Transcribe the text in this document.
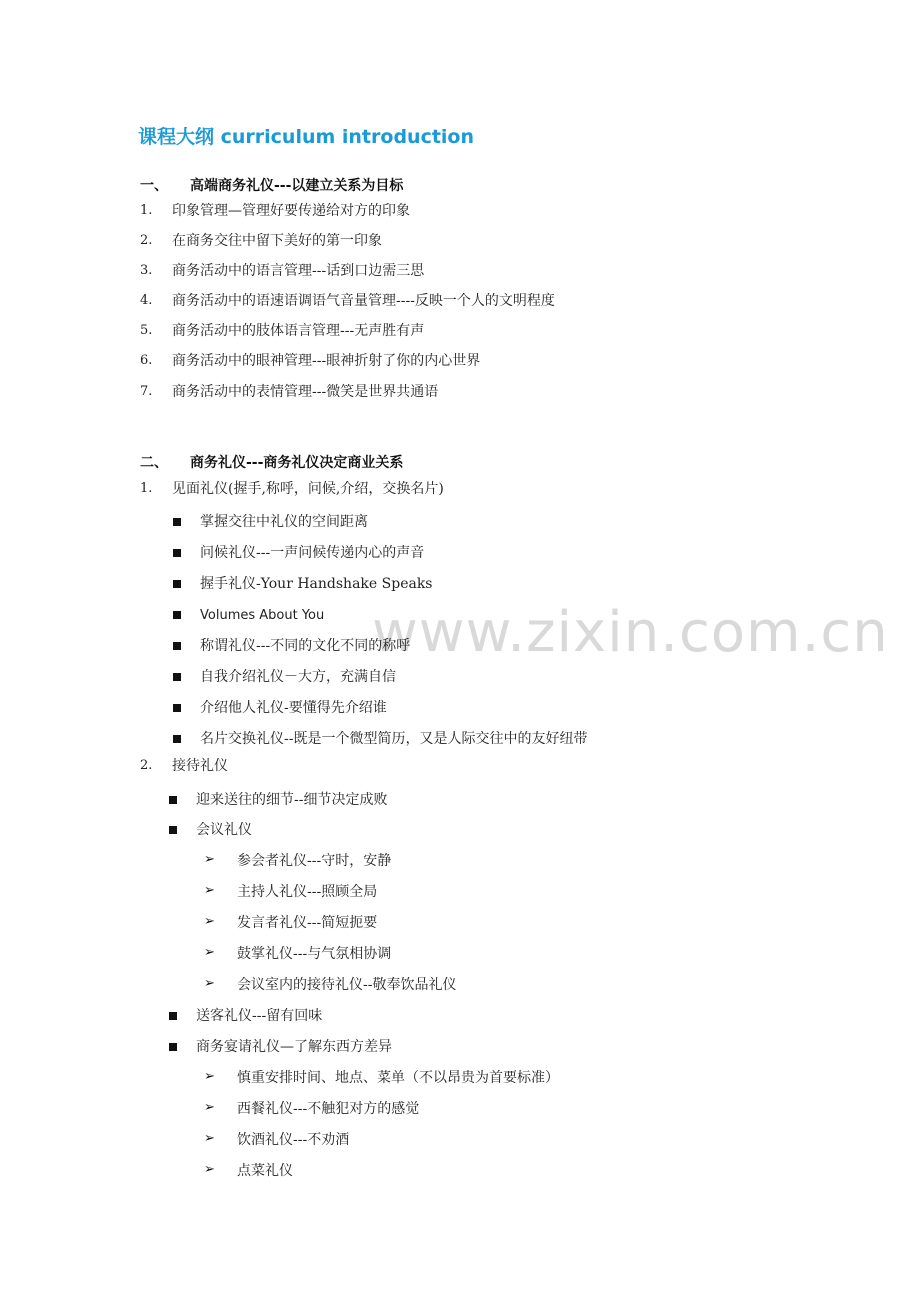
www.zixin.com.cn
课程大纲 curriculum introduction
一、 高端商务礼仪---以建立关系为目标
1. 印象管理—管理好要传递给对方的印象
2. 在商务交往中留下美好的第一印象
3. 商务活动中的语言管理---话到口边需三思
4. 商务活动中的语速语调语气音量管理----反映一个人的文明程度
5. 商务活动中的肢体语言管理---无声胜有声
6. 商务活动中的眼神管理---眼神折射了你的内心世界
7. 商务活动中的表情管理---微笑是世界共通语
二、 商务礼仪---商务礼仪决定商业关系
1. 见面礼仪(握手,称呼，问候,介绍，交换名片)
掌握交往中礼仪的空间距离
问候礼仪---一声问候传递内心的声音
握手礼仪-Your Handshake Speaks
Volumes About You
称谓礼仪---不同的文化不同的称呼
自我介绍礼仪－大方，充满自信
介绍他人礼仪-要懂得先介绍谁
名片交换礼仪--既是一个微型简历，又是人际交往中的友好纽带
2. 接待礼仪
迎来送往的细节--细节决定成败
会议礼仪
➢ 参会者礼仪---守时，安静
➢ 主持人礼仪---照顾全局
➢ 发言者礼仪---简短扼要
➢ 鼓掌礼仪---与气氛相协调
➢ 会议室内的接待礼仪--敬奉饮品礼仪
送客礼仪---留有回味
商务宴请礼仪—了解东西方差异
➢ 慎重安排时间、地点、菜单（不以昂贵为首要标准）
➢ 西餐礼仪---不触犯对方的感觉
➢ 饮酒礼仪---不劝酒
➢ 点菜礼仪
